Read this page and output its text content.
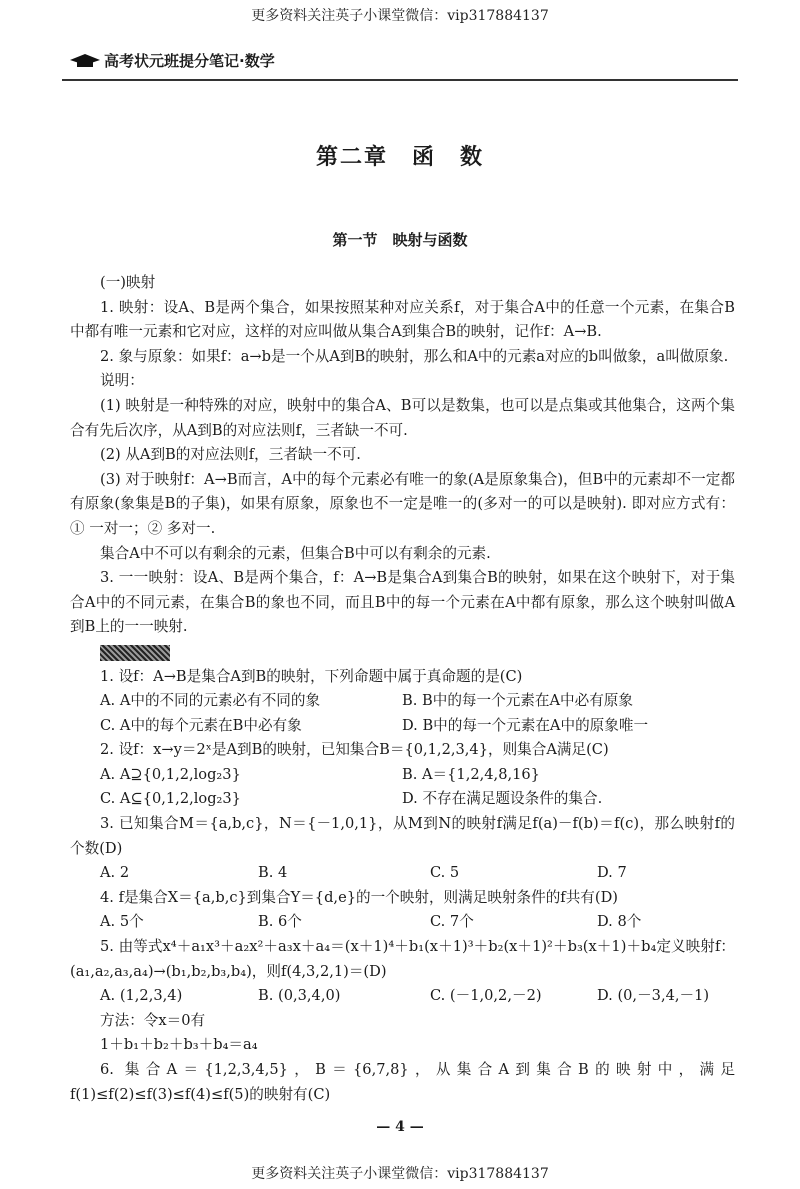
更多资料关注英子小课堂微信：vip317884137
高考状元班提分笔记·数学
第二章　函　数
第一节　映射与函数
(一)映射
1. 映射：设A、B是两个集合，如果按照某种对应关系f，对于集合A中的任意一个元素，在集合B中都有唯一元素和它对应，这样的对应叫做从集合A到集合B的映射，记作f：A→B.
2. 象与原象：如果f：a→b是一个从A到B的映射，那么和A中的元素a对应的b叫做象，a叫做原象.
说明：
(1) 映射是一种特殊的对应，映射中的集合A、B可以是数集，也可以是点集或其他集合，这两个集合有先后次序，从A到B的对应法则f，三者缺一不可.
(2) 从A到B的对应法则f，三者缺一不可.
(3) 对于映射f：A→B而言，A中的每个元素必有唯一的象(A是原象集合)，但B中的元素却不一定都有原象(象集是B的子集)，如果有原象，原象也不一定是唯一的(多对一的可以是映射). 即对应方式有：① 一对一；② 多对一.
集合A中不可以有剩余的元素，但集合B中可以有剩余的元素.
3. 一一映射：设A、B是两个集合，f：A→B是集合A到集合B的映射，如果在这个映射下，对于集合A中的不同元素，在集合B的象也不同，而且B中的每一个元素在A中都有原象，那么这个映射叫做A到B上的一一映射.
1. 设f：A→B是集合A到B的映射，下列命题中属于真命题的是(C)
A. A中的不同的元素必有不同的象	B. B中的每一个元素在A中必有原象
C. A中的每个元素在B中必有象	D. B中的每一个元素在A中的原象唯一
2. 设f：x→y＝2ˣ是A到B的映射，已知集合B＝{0,1,2,3,4}，则集合A满足(C)
A. A⊇{0,1,2,log₂3}	B. A＝{1,2,4,8,16}
C. A⊆{0,1,2,log₂3}	D. 不存在满足题设条件的集合.
3. 已知集合M＝{a,b,c}，N＝{－1,0,1}，从M到N的映射f满足f(a)－f(b)＝f(c)，那么映射f的个数(D)
A. 2	B. 4	C. 5	D. 7
4. f是集合X＝{a,b,c}到集合Y＝{d,e}的一个映射，则满足映射条件的f共有(D)
A. 5个	B. 6个	C. 7个	D. 8个
5. 由等式x⁴＋a₁x³＋a₂x²＋a₃x＋a₄＝(x＋1)⁴＋b₁(x＋1)³＋b₂(x＋1)²＋b₃(x＋1)＋b₄定义映射f：(a₁,a₂,a₃,a₄)→(b₁,b₂,b₃,b₄)，则f(4,3,2,1)＝(D)
A. (1,2,3,4)	B. (0,3,4,0)	C. (－1,0,2,－2)	D. (0,－3,4,－1)
方法：令x＝0有
1＋b₁＋b₂＋b₃＋b₄＝a₄
6. 集合A＝{1,2,3,4,5}，B＝{6,7,8}，从集合A到集合B的映射中，满足f(1)≤f(2)≤f(3)≤f(4)≤f(5)的映射有(C)
— 4 —
更多资料关注英子小课堂微信：vip317884137
